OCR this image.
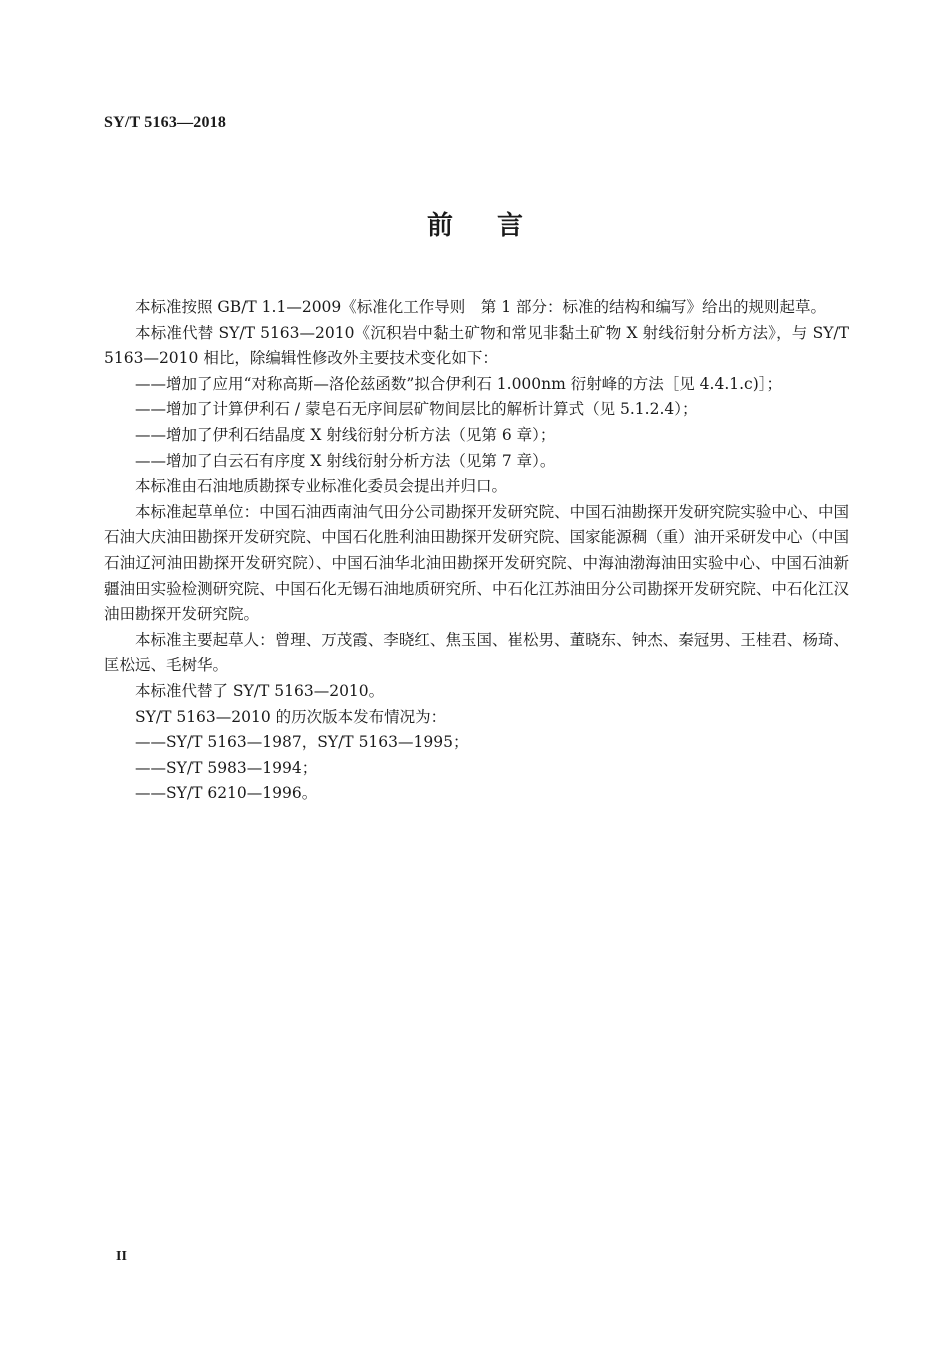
SY/T 5163—2018
前言

本标准按照 GB/T 1.1—2009《标准化工作导则　第 1 部分：标准的结构和编写》给出的规则起草。

本标准代替 SY/T 5163—2010《沉积岩中黏土矿物和常见非黏土矿物 X 射线衍射分析方法》，与 SY/T 5163—2010 相比，除编辑性修改外主要技术变化如下：

——增加了应用“对称高斯—洛伦兹函数”拟合伊利石 1.000nm 衍射峰的方法［见 4.4.1.c)］；

——增加了计算伊利石 / 蒙皂石无序间层矿物间层比的解析计算式（见 5.1.2.4）；

——增加了伊利石结晶度 X 射线衍射分析方法（见第 6 章）；

——增加了白云石有序度 X 射线衍射分析方法（见第 7 章）。

本标准由石油地质勘探专业标准化委员会提出并归口。

本标准起草单位：中国石油西南油气田分公司勘探开发研究院、中国石油勘探开发研究院实验中心、中国石油大庆油田勘探开发研究院、中国石化胜利油田勘探开发研究院、国家能源稠（重）油开采研发中心（中国石油辽河油田勘探开发研究院）、中国石油华北油田勘探开发研究院、中海油渤海油田实验中心、中国石油新疆油田实验检测研究院、中国石化无锡石油地质研究所、中石化江苏油田分公司勘探开发研究院、中石化江汉油田勘探开发研究院。

本标准主要起草人：曾理、万茂霞、李晓红、焦玉国、崔松男、董晓东、钟杰、秦冠男、王桂君、杨琦、匡松远、毛树华。

本标准代替了 SY/T 5163—2010。

SY/T 5163—2010 的历次版本发布情况为：

——SY/T 5163—1987，SY/T 5163—1995；

——SY/T 5983—1994；

——SY/T 6210—1996。

II
